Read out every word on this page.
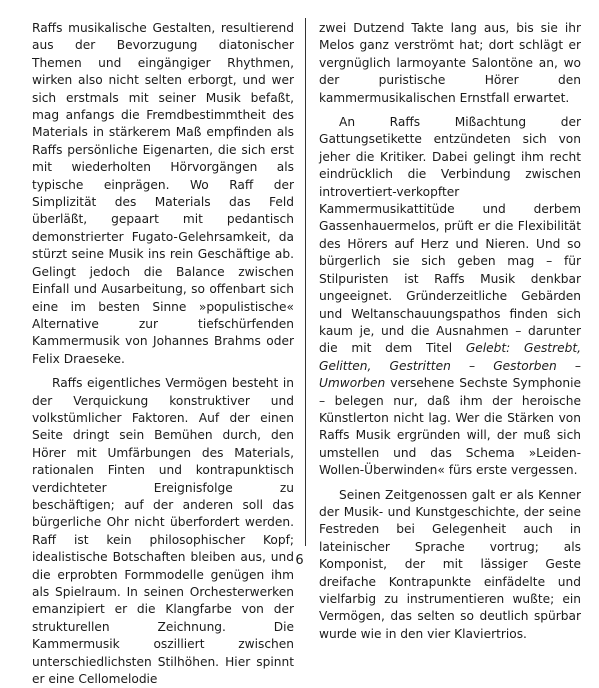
Raffs musikalische Gestalten, resultierend aus der Bevorzugung diatonischer Themen und eingängiger Rhythmen, wirken also nicht selten erborgt, und wer sich erstmals mit seiner Musik befaßt, mag anfangs die Fremdbestimmtheit des Materials in stärkerem Maß empfinden als Raffs persönliche Eigenarten, die sich erst mit wiederholten Hörvorgängen als typische einprägen. Wo Raff der Simplizität des Materials das Feld überläßt, gepaart mit pedantisch demonstrierter Fugato-Gelehrsamkeit, da stürzt seine Musik ins rein Geschäftige ab. Gelingt jedoch die Balance zwischen Einfall und Ausarbeitung, so offenbart sich eine im besten Sinne »populistische« Alternative zur tiefschürfenden Kammermusik von Johannes Brahms oder Felix Draeseke.

Raffs eigentliches Vermögen besteht in der Verquickung konstruktiver und volkstümlicher Faktoren. Auf der einen Seite dringt sein Bemühen durch, den Hörer mit Umfärbungen des Materials, rationalen Finten und kontrapunktisch verdichteter Ereignisfolge zu beschäftigen; auf der anderen soll das bürgerliche Ohr nicht überfordert werden. Raff ist kein philosophischer Kopf; idealistische Botschaften bleiben aus, und die erprobten Formmodelle genügen ihm als Spielraum. In seinen Orchesterwerken emanzipiert er die Klangfarbe von der strukturellen Zeichnung. Die Kammermusik oszilliert zwischen unterschiedlichsten Stilhöhen. Hier spinnt er eine Cellomelodie

zwei Dutzend Takte lang aus, bis sie ihr Melos ganz verströmt hat; dort schlägt er vergnüglich larmoyante Salontöne an, wo der puristische Hörer den kammermusikalischen Ernstfall erwartet.

An Raffs Mißachtung der Gattungsetikette entzündeten sich von jeher die Kritiker. Dabei gelingt ihm recht eindrücklich die Verbindung zwischen introvertiert-verkopfter Kammermusikattitüde und derbem Gassenhauermelos, prüft er die Flexibilität des Hörers auf Herz und Nieren. Und so bürgerlich sie sich geben mag – für Stilpuristen ist Raffs Musik denkbar ungeeignet. Gründerzeitliche Gebärden und Weltanschauungspathos finden sich kaum je, und die Ausnahmen – darunter die mit dem Titel Gelebt: Gestrebt, Gelitten, Gestritten – Gestorben – Umworben versehene Sechste Symphonie – belegen nur, daß ihm der heroische Künstlerton nicht lag. Wer die Stärken von Raffs Musik ergründen will, der muß sich umstellen und das Schema »Leiden-Wollen-Überwinden« fürs erste vergessen.

Seinen Zeitgenossen galt er als Kenner der Musik- und Kunstgeschichte, der seine Festreden bei Gelegenheit auch in lateinischer Sprache vortrug; als Komponist, der mit lässiger Geste dreifache Kontrapunkte einfädelte und vielfarbig zu instrumentieren wußte; ein Vermögen, das selten so deutlich spürbar wurde wie in den vier Klaviertrios.

6
